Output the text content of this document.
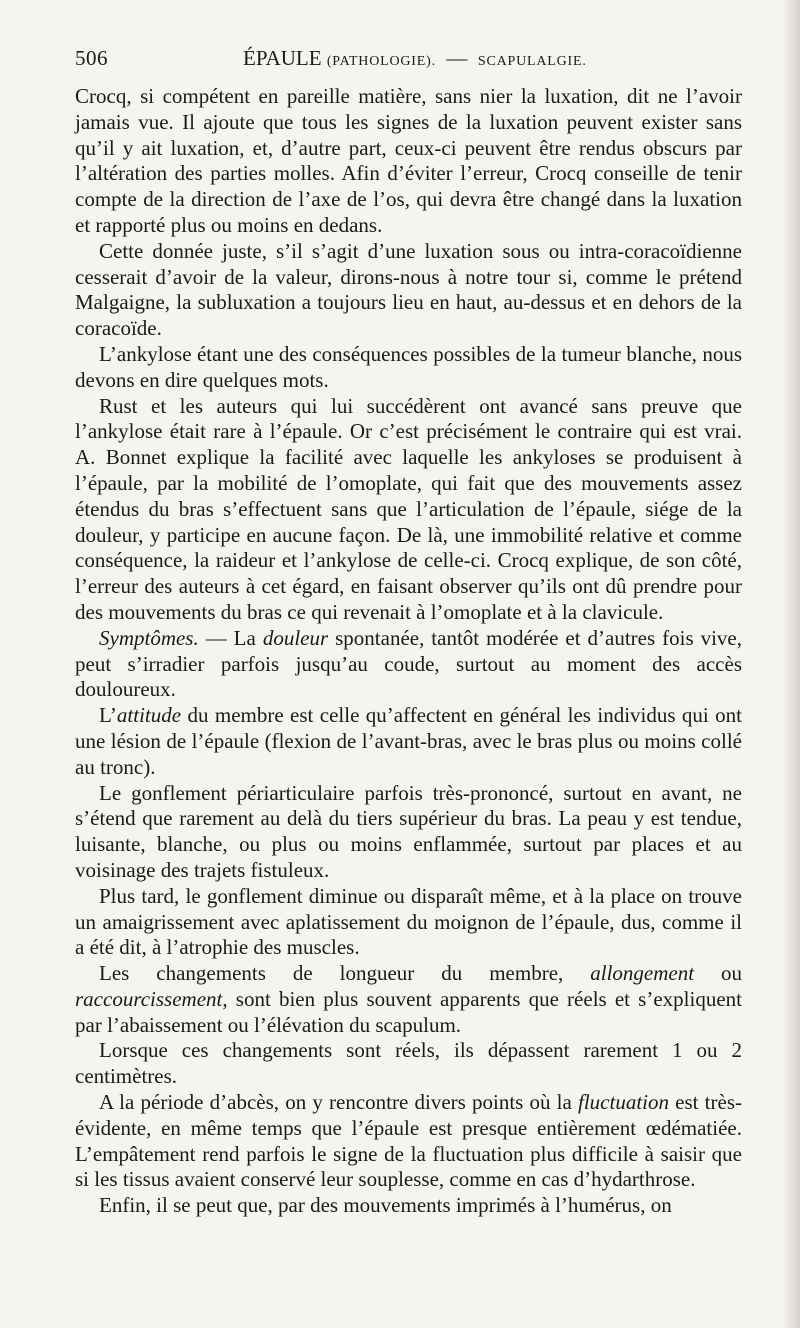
506	ÉPAULE (PATHOLOGIE). — SCAPULALGIE.

Crocq, si compétent en pareille matière, sans nier la luxation, dit ne l’avoir jamais vue. Il ajoute que tous les signes de la luxation peuvent exister sans qu’il y ait luxation, et, d’autre part, ceux-ci peuvent être rendus obscurs par l’altération des parties molles. Afin d’éviter l’erreur, Crocq conseille de tenir compte de la direction de l’axe de l’os, qui devra être changé dans la luxation et rapporté plus ou moins en dedans.

Cette donnée juste, s’il s’agit d’une luxation sous ou intra-coracoïdienne cesserait d’avoir de la valeur, dirons-nous à notre tour si, comme le prétend Malgaigne, la subluxation a toujours lieu en haut, au-dessus et en dehors de la coracoïde.

L’ankylose étant une des conséquences possibles de la tumeur blanche, nous devons en dire quelques mots.

Rust et les auteurs qui lui succédèrent ont avancé sans preuve que l’ankylose était rare à l’épaule. Or c’est précisément le contraire qui est vrai. A. Bonnet explique la facilité avec laquelle les ankyloses se produisent à l’épaule, par la mobilité de l’omoplate, qui fait que des mouvements assez étendus du bras s’effectuent sans que l’articulation de l’épaule, siége de la douleur, y participe en aucune façon. De là, une immobilité relative et comme conséquence, la raideur et l’ankylose de celle-ci. Crocq explique, de son côté, l’erreur des auteurs à cet égard, en faisant observer qu’ils ont dû prendre pour des mouvements du bras ce qui revenait à l’omoplate et à la clavicule.

Symptômes. — La douleur spontanée, tantôt modérée et d’autres fois vive, peut s’irradier parfois jusqu’au coude, surtout au moment des accès douloureux.

L’attitude du membre est celle qu’affectent en général les individus qui ont une lésion de l’épaule (flexion de l’avant-bras, avec le bras plus ou moins collé au tronc).

Le gonflement périarticulaire parfois très-prononcé, surtout en avant, ne s’étend que rarement au delà du tiers supérieur du bras. La peau y est tendue, luisante, blanche, ou plus ou moins enflammée, surtout par places et au voisinage des trajets fistuleux.

Plus tard, le gonflement diminue ou disparaît même, et à la place on trouve un amaigrissement avec aplatissement du moignon de l’épaule, dus, comme il a été dit, à l’atrophie des muscles.

Les changements de longueur du membre, allongement ou raccourcissement, sont bien plus souvent apparents que réels et s’expliquent par l’abaissement ou l’élévation du scapulum.

Lorsque ces changements sont réels, ils dépassent rarement 1 ou 2 centimètres.

A la période d’abcès, on y rencontre divers points où la fluctuation est très-évidente, en même temps que l’épaule est presque entièrement œdématiée. L’empâtement rend parfois le signe de la fluctuation plus difficile à saisir que si les tissus avaient conservé leur souplesse, comme en cas d’hydarthrose.

Enfin, il se peut que, par des mouvements imprimés à l’humérus, on
